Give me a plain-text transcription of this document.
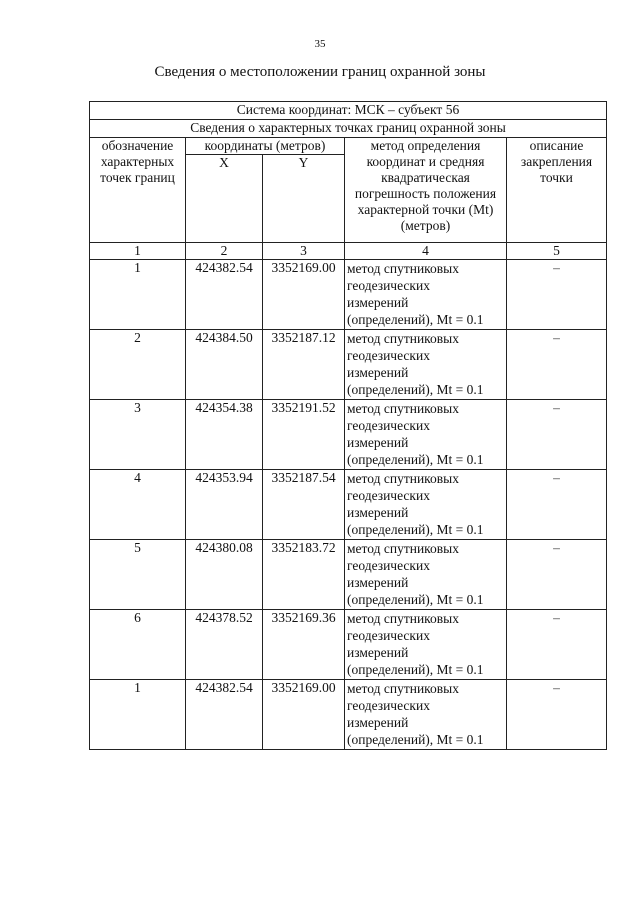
35
Сведения о местоположении границ охранной зоны
Система координат: МСК – субъект 56				
Сведения о характерных точках границ охранной зоны				
обозначение характерных точек границ	координаты (метров)		метод определения координат и средняя квадратическая погрешность положения характерной точки (Mt) (метров)	описание закрепления точки
	X	Y		
1	2	3	4	5
1	424382.54	3352169.00	метод спутниковых
геодезических
измерений
(определений), Mt = 0.1	–
2	424384.50	3352187.12	метод спутниковых
геодезических
измерений
(определений), Mt = 0.1	–
3	424354.38	3352191.52	метод спутниковых
геодезических
измерений
(определений), Mt = 0.1	–
4	424353.94	3352187.54	метод спутниковых
геодезических
измерений
(определений), Mt = 0.1	–
5	424380.08	3352183.72	метод спутниковых
геодезических
измерений
(определений), Mt = 0.1	–
6	424378.52	3352169.36	метод спутниковых
геодезических
измерений
(определений), Mt = 0.1	–
1	424382.54	3352169.00	метод спутниковых
геодезических
измерений
(определений), Mt = 0.1	–
